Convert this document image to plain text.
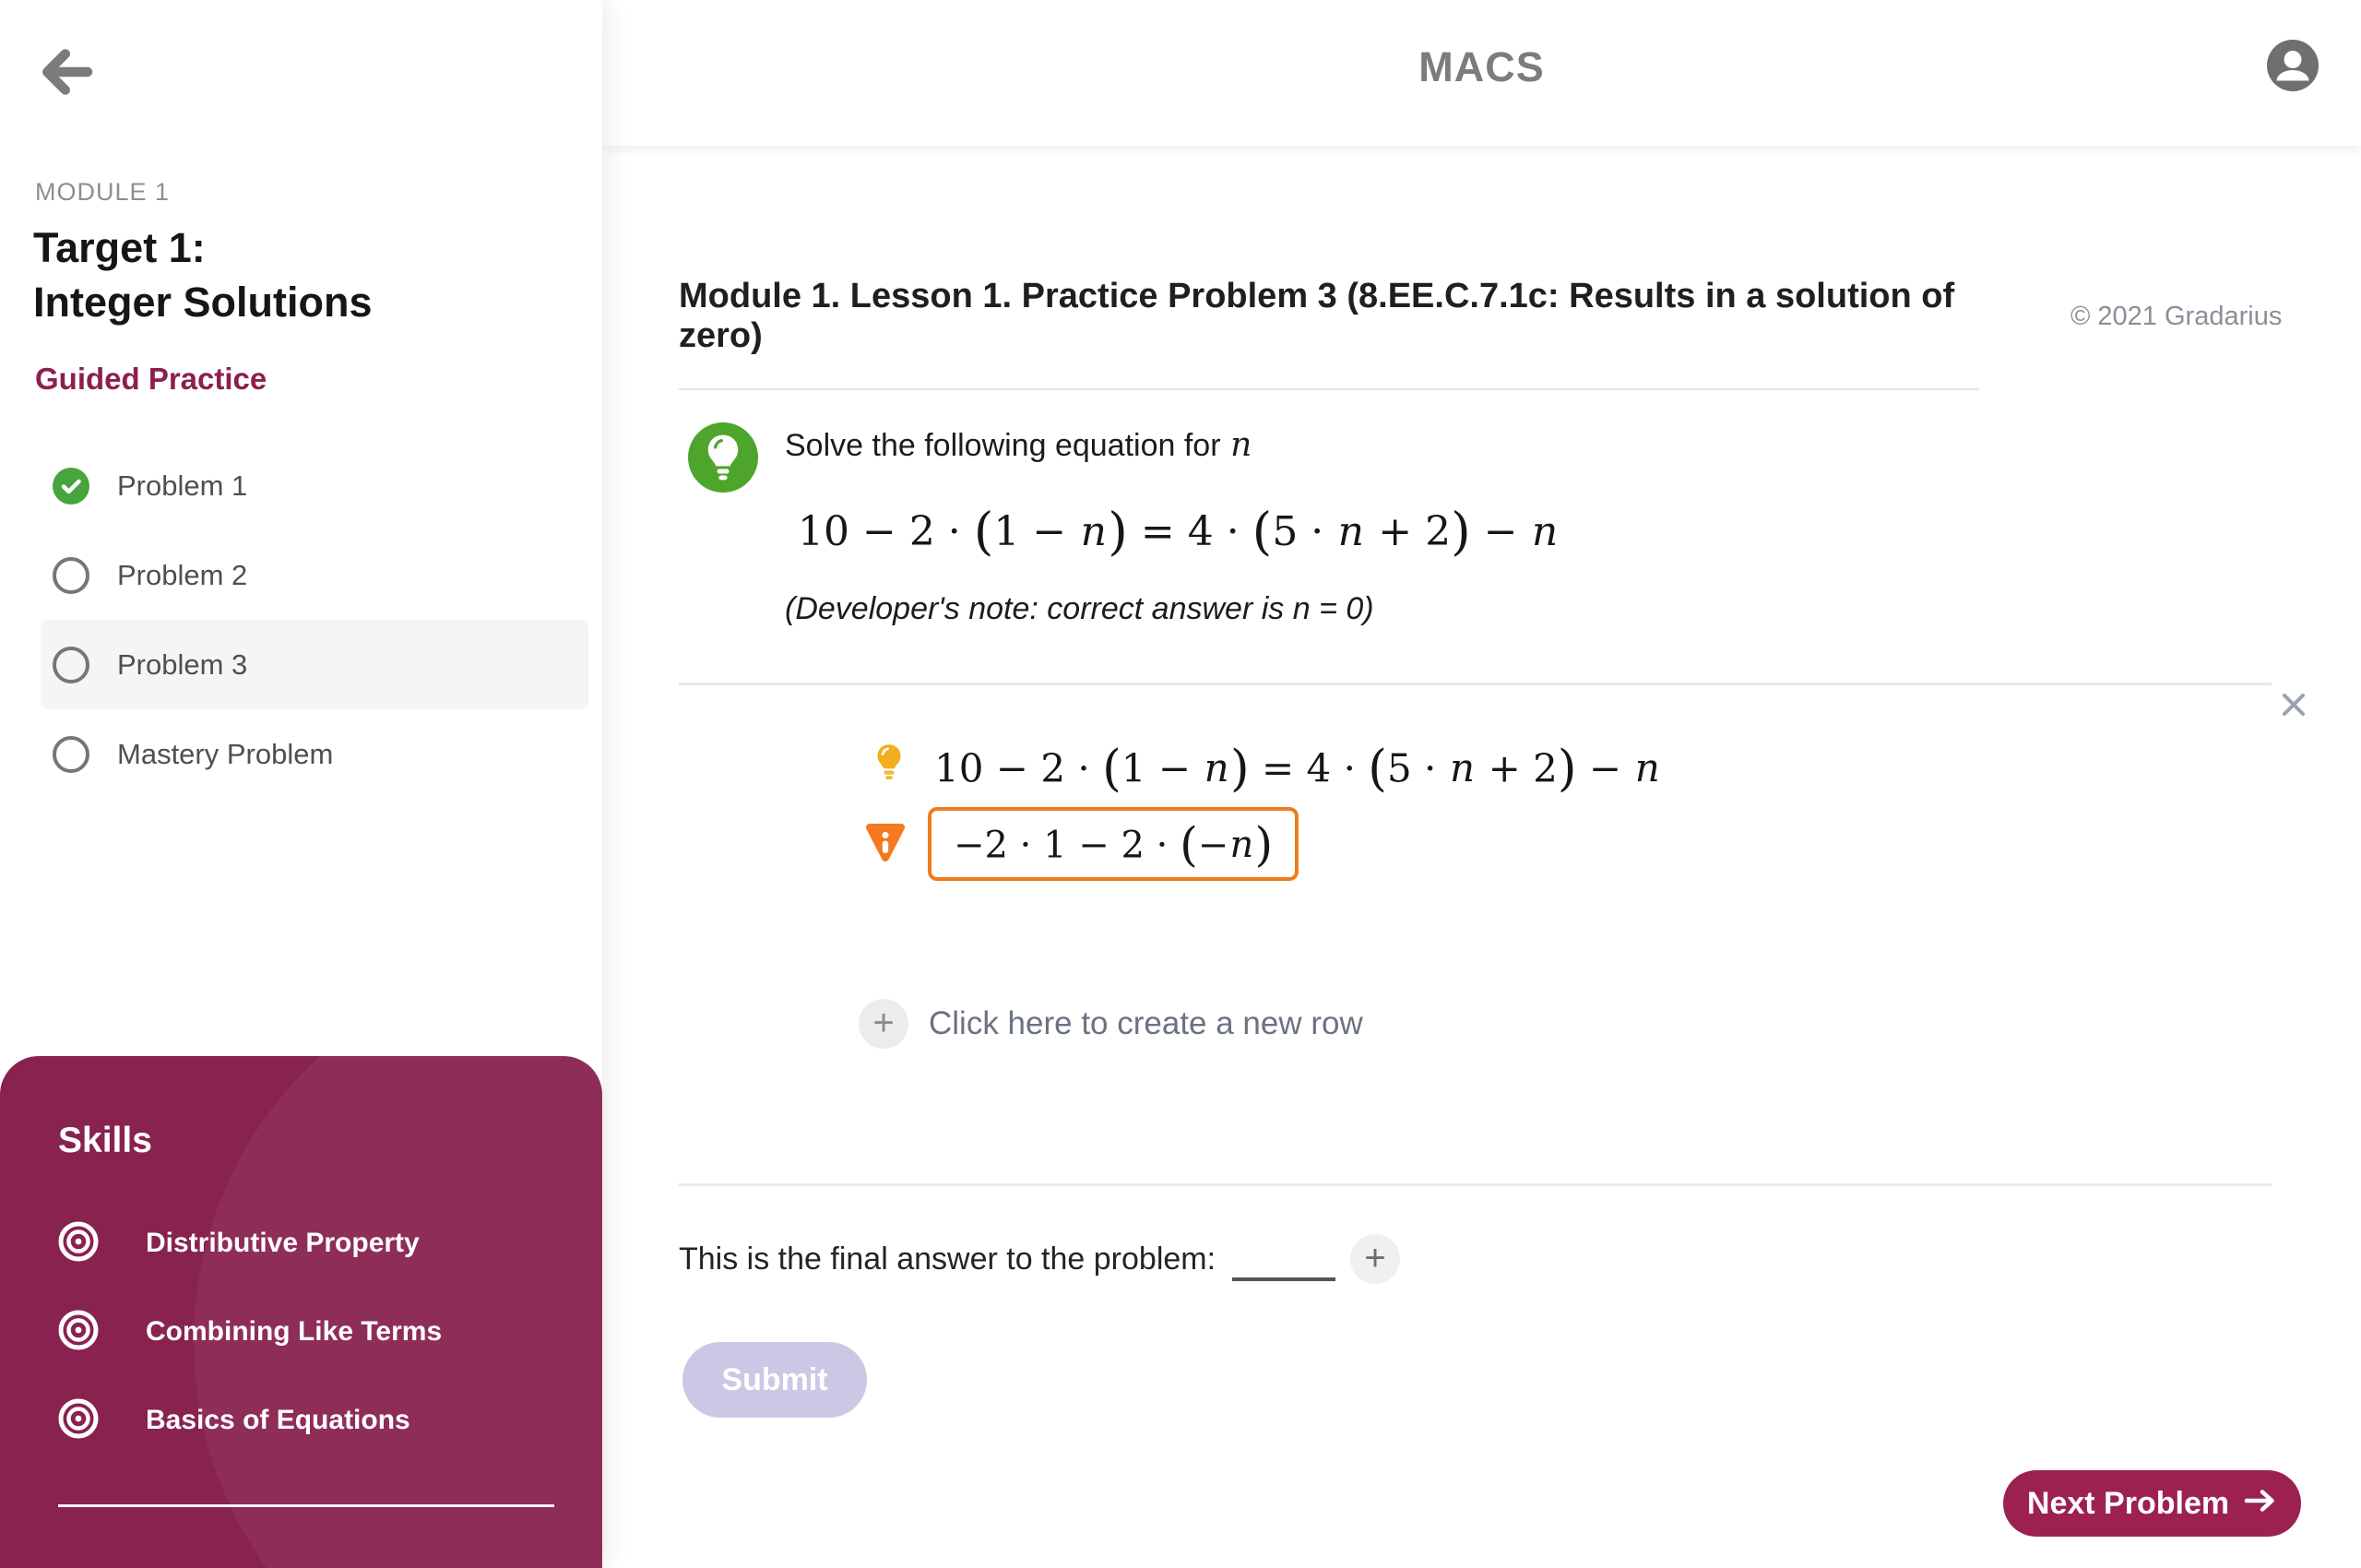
MODULE 1
Target 1:
Integer Solutions
Guided Practice
Problem 1
Problem 2
Problem 3
Mastery Problem
Skills
Distributive Property
Combining Like Terms
Basics of Equations
MACS
Module 1. Lesson 1. Practice Problem 3 (8.EE.C.7.1c: Results in a solution of zero)	© 2021 Gradarius
Solve the following equation for n
10 − 2 · (1 − n) = 4 · (5 · n + 2) − n
(Developer's note: correct answer is n = 0)
10 − 2 · (1 − n) = 4 · (5 · n + 2) − n
−2 · 1 − 2 · (−n)
+	Click here to create a new row
This is the final answer to the problem:	+
Submit
Next Problem
